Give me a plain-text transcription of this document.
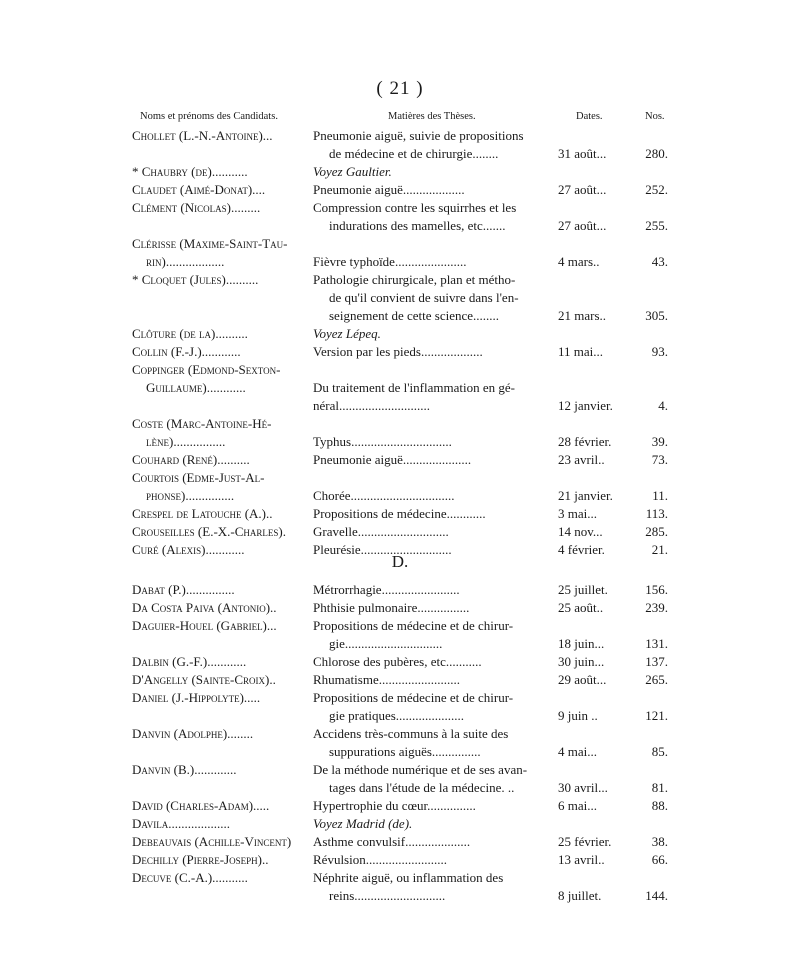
( 21 )
Noms et prénoms des Candidats.	Matières des Thèses.	Dates.	Nos.
Chollet (L.-N.-Antoine)...	Pneumonie aiguë, suivie de propositions
de médecine et de chirurgie........	31 août...	280.
* Chaubry (de)...........	Voyez Gaultier.
Claudet (Aimé-Donat)....	Pneumonie aiguë...................	27 août...	252.
Clément (Nicolas).........	Compression contre les squirrhes et les
indurations des mamelles, etc.......	27 août...	255.
Clérisse (Maxime-Saint-Tau-
rin)..................	Fièvre typhoïde......................	4 mars..	43.
* Cloquet (Jules)..........	Pathologie chirurgicale, plan et métho-
de qu'il convient de suivre dans l'en-
seignement de cette science........	21 mars..	305.
Clôture (de la)..........	Voyez Lépeq.
Collin (F.-J.)............	Version par les pieds...................	11 mai...	93.
Coppinger (Edmond-Sexton-
Guillaume)............	Du traitement de l'inflammation en gé-
néral............................	12 janvier.	4.
Coste (Marc-Antoine-Hé-
lène)................	Typhus...............................	28 février.	39.
Couhard (René)..........	Pneumonie aiguë.....................	23 avril..	73.
Courtois (Edme-Just-Al-
phonse)...............	Chorée................................	21 janvier.	11.
Crespel de Latouche (A.)..	Propositions de médecine............	3 mai...	113.
Crouseilles (E.-X.-Charles).	Gravelle............................	14 nov...	285.
Curé (Alexis)............	Pleurésie............................	4 février.	21.
D.
Dabat (P.)...............	Métrorrhagie........................	25 juillet.	156.
Da Costa Paiva (Antonio)..	Phthisie pulmonaire................	25 août..	239.
Daguier-Houel (Gabriel)...	Propositions de médecine et de chirur-
gie..............................	18 juin...	131.
Dalbin (G.-F.)............	Chlorose des pubères, etc...........	30 juin...	137.
D'Angelly (Sainte-Croix)..	Rhumatisme.........................	29 août...	265.
Daniel (J.-Hippolyte).....	Propositions de médecine et de chirur-
gie pratiques.....................	9 juin ..	121.
Danvin (Adolphe)........	Accidens très-communs à la suite des
suppurations aiguës...............	4 mai...	85.
Danvin (B.).............	De la méthode numérique et de ses avan-
tages dans l'étude de la médecine. ..	30 avril...	81.
David (Charles-Adam).....	Hypertrophie du cœur...............	6 mai...	88.
Davila...................	Voyez Madrid (de).
Debeauvais (Achille-Vincent)	Asthme convulsif....................	25 février.	38.
Dechilly (Pierre-Joseph)..	Révulsion.........................	13 avril..	66.
Decuve (C.-A.)...........	Néphrite aiguë, ou inflammation des
reins............................	8 juillet.	144.
